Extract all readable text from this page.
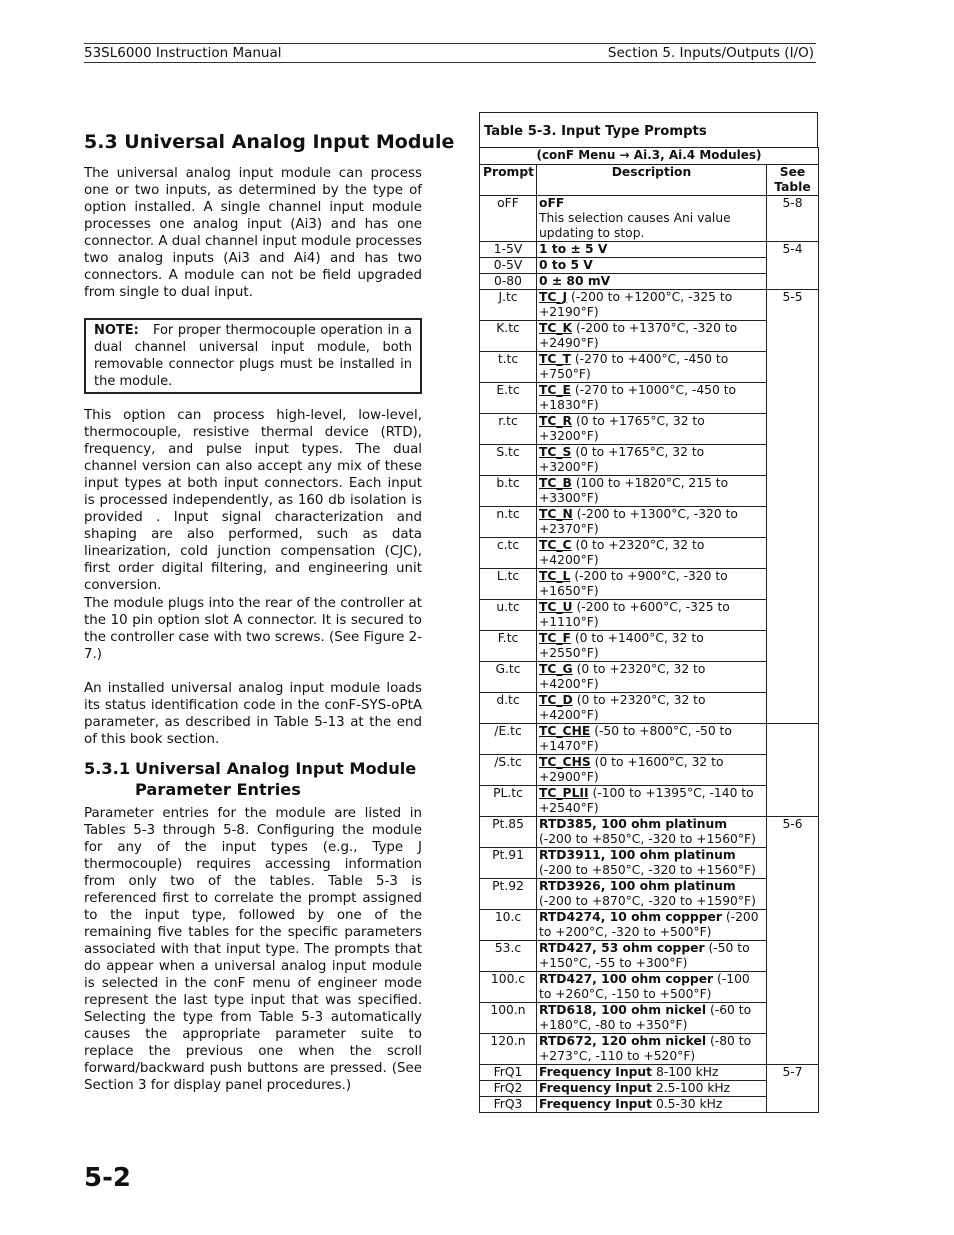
53SL6000 Instruction Manual	Section 5. Inputs/Outputs (I/O)
5.3 Universal Analog Input Module

The universal analog input module can process one or two inputs, as determined by the type of option installed. A single channel input module processes one analog input (Ai3) and has one connector. A dual channel input module processes two analog inputs (Ai3 and Ai4) and has two connectors. A module can not be field upgraded from single to dual input.

NOTE: For proper thermocouple operation in a dual channel universal input module, both removable connector plugs must be installed in the module.

This option can process high-level, low-level, thermocouple, resistive thermal device (RTD), frequency, and pulse input types. The dual channel version can also accept any mix of these input types at both input connectors. Each input is processed independently, as 160 db isolation is provided . Input signal characterization and shaping are also performed, such as data linearization, cold junction compensation (CJC), first order digital filtering, and engineering unit conversion.

The module plugs into the rear of the controller at the 10 pin option slot A connector. It is secured to the controller case with two screws. (See Figure 2-7.)

An installed universal analog input module loads its status identification code in the conF-SYS-oPtA parameter, as described in Table 5-13 at the end of this book section.

5.3.1 Universal Analog Input Module
Parameter Entries

Parameter entries for the module are listed in Tables 5-3 through 5-8. Configuring the module for any of the input types (e.g., Type J thermocouple) requires accessing information from only two of the tables. Table 5-3 is referenced first to correlate the prompt assigned to the input type, followed by one of the remaining five tables for the specific parameters associated with that input type. The prompts that do appear when a universal analog input module is selected in the conF menu of engineer mode represent the last type input that was specified. Selecting the type from Table 5-3 automatically causes the appropriate parameter suite to replace the previous one when the scroll forward/backward push buttons are pressed. (See Section 3 for display panel procedures.)

Table 5-3. Input Type Prompts
(conF Menu → Ai.3, Ai.4 Modules)		
Prompt	Description	See Table
oFF	oFF
This selection causes Ani value updating to stop.	5-8
1-5V	1 to ± 5 V	5-4
0-5V	0 to 5 V	
0-80	0 ± 80 mV	
J.tc	TC_J (-200 to +1200°C, -325 to +2190°F)	5-5
K.tc	TC_K (-200 to +1370°C, -320 to +2490°F)	
t.tc	TC_T (-270 to +400°C, -450 to +750°F)	
E.tc	TC_E (-270 to +1000°C, -450 to +1830°F)	
r.tc	TC_R (0 to +1765°C, 32 to +3200°F)	
S.tc	TC_S (0 to +1765°C, 32 to +3200°F)	
b.tc	TC_B (100 to +1820°C, 215 to +3300°F)	
n.tc	TC_N (-200 to +1300°C, -320 to +2370°F)	
c.tc	TC_C (0 to +2320°C, 32 to +4200°F)	
L.tc	TC_L (-200 to +900°C, -320 to +1650°F)	
u.tc	TC_U (-200 to +600°C, -325 to +1110°F)	
F.tc	TC_F (0 to +1400°C, 32 to +2550°F)	
G.tc	TC_G (0 to +2320°C, 32 to +4200°F)	
d.tc	TC_D (0 to +2320°C, 32 to +4200°F)	
/E.tc	TC_CHE (-50 to +800°C, -50 to +1470°F)	
/S.tc	TC_CHS (0 to +1600°C, 32 to +2900°F)	
PL.tc	TC_PLII (-100 to +1395°C, -140 to +2540°F)	
Pt.85	RTD385, 100 ohm platinum (-200 to +850°C, -320 to +1560°F)	5-6
Pt.91	RTD3911, 100 ohm platinum (-200 to +850°C, -320 to +1560°F)	
Pt.92	RTD3926, 100 ohm platinum (-200 to +870°C, -320 to +1590°F)	
10.c	RTD4274, 10 ohm coppper (-200 to +200°C, -320 to +500°F)	
53.c	RTD427, 53 ohm copper (-50 to +150°C, -55 to +300°F)	
100.c	RTD427, 100 ohm copper (-100 to +260°C, -150 to +500°F)	
100.n	RTD618, 100 ohm nickel (-60 to +180°C, -80 to +350°F)	
120.n	RTD672, 120 ohm nickel (-80 to +273°C, -110 to +520°F)	
FrQ1	Frequency Input 8-100 kHz	5-7
FrQ2	Frequency Input 2.5-100 kHz	
FrQ3	Frequency Input 0.5-30 kHz	
5-2
